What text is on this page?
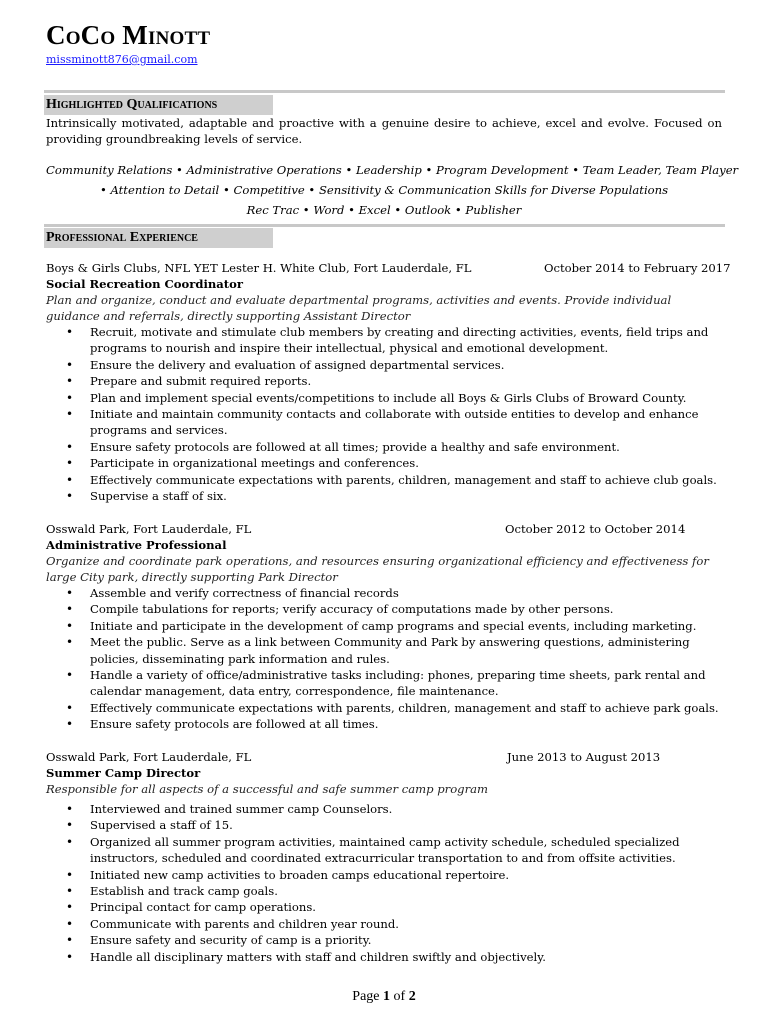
CoCo Minott
missminott876@gmail.com
Highlighted Qualifications
Intrinsically motivated, adaptable and proactive with a genuine desire to achieve, excel and evolve. Focused on providing groundbreaking levels of service.
Community Relations • Administrative Operations • Leadership • Program Development • Team Leader, Team Player
• Attention to Detail • Competitive • Sensitivity & Communication Skills for Diverse Populations
Rec Trac • Word • Excel • Outlook • Publisher
Professional Experience
Boys & Girls Clubs, NFL YET Lester H. White Club, Fort Lauderdale, FL	October 2014 to February 2017
Social Recreation Coordinator
Plan and organize, conduct and evaluate departmental programs, activities and events. Provide individual guidance and referrals, directly supporting Assistant Director
• Recruit, motivate and stimulate club members by creating and directing activities, events, field trips and programs to nourish and inspire their intellectual, physical and emotional development.
• Ensure the delivery and evaluation of assigned departmental services.
• Prepare and submit required reports.
• Plan and implement special events/competitions to include all Boys & Girls Clubs of Broward County.
• Initiate and maintain community contacts and collaborate with outside entities to develop and enhance programs and services.
• Ensure safety protocols are followed at all times; provide a healthy and safe environment.
• Participate in organizational meetings and conferences.
• Effectively communicate expectations with parents, children, management and staff to achieve club goals.
• Supervise a staff of six.
Osswald Park, Fort Lauderdale, FL	October 2012 to October 2014
Administrative Professional
Organize and coordinate park operations, and resources ensuring organizational efficiency and effectiveness for large City park, directly supporting Park Director
• Assemble and verify correctness of financial records
• Compile tabulations for reports; verify accuracy of computations made by other persons.
• Initiate and participate in the development of camp programs and special events, including marketing.
• Meet the public. Serve as a link between Community and Park by answering questions, administering policies, disseminating park information and rules.
• Handle a variety of office/administrative tasks including: phones, preparing time sheets, park rental and calendar management, data entry, correspondence, file maintenance.
• Effectively communicate expectations with parents, children, management and staff to achieve park goals.
• Ensure safety protocols are followed at all times.
Osswald Park, Fort Lauderdale, FL	June 2013 to August 2013
Summer Camp Director
Responsible for all aspects of a successful and safe summer camp program
• Interviewed and trained summer camp Counselors.
• Supervised a staff of 15.
• Organized all summer program activities, maintained camp activity schedule, scheduled specialized instructors, scheduled and coordinated extracurricular transportation to and from offsite activities.
• Initiated new camp activities to broaden camps educational repertoire.
• Establish and track camp goals.
• Principal contact for camp operations.
• Communicate with parents and children year round.
• Ensure safety and security of camp is a priority.
• Handle all disciplinary matters with staff and children swiftly and objectively.
Page 1 of 2
